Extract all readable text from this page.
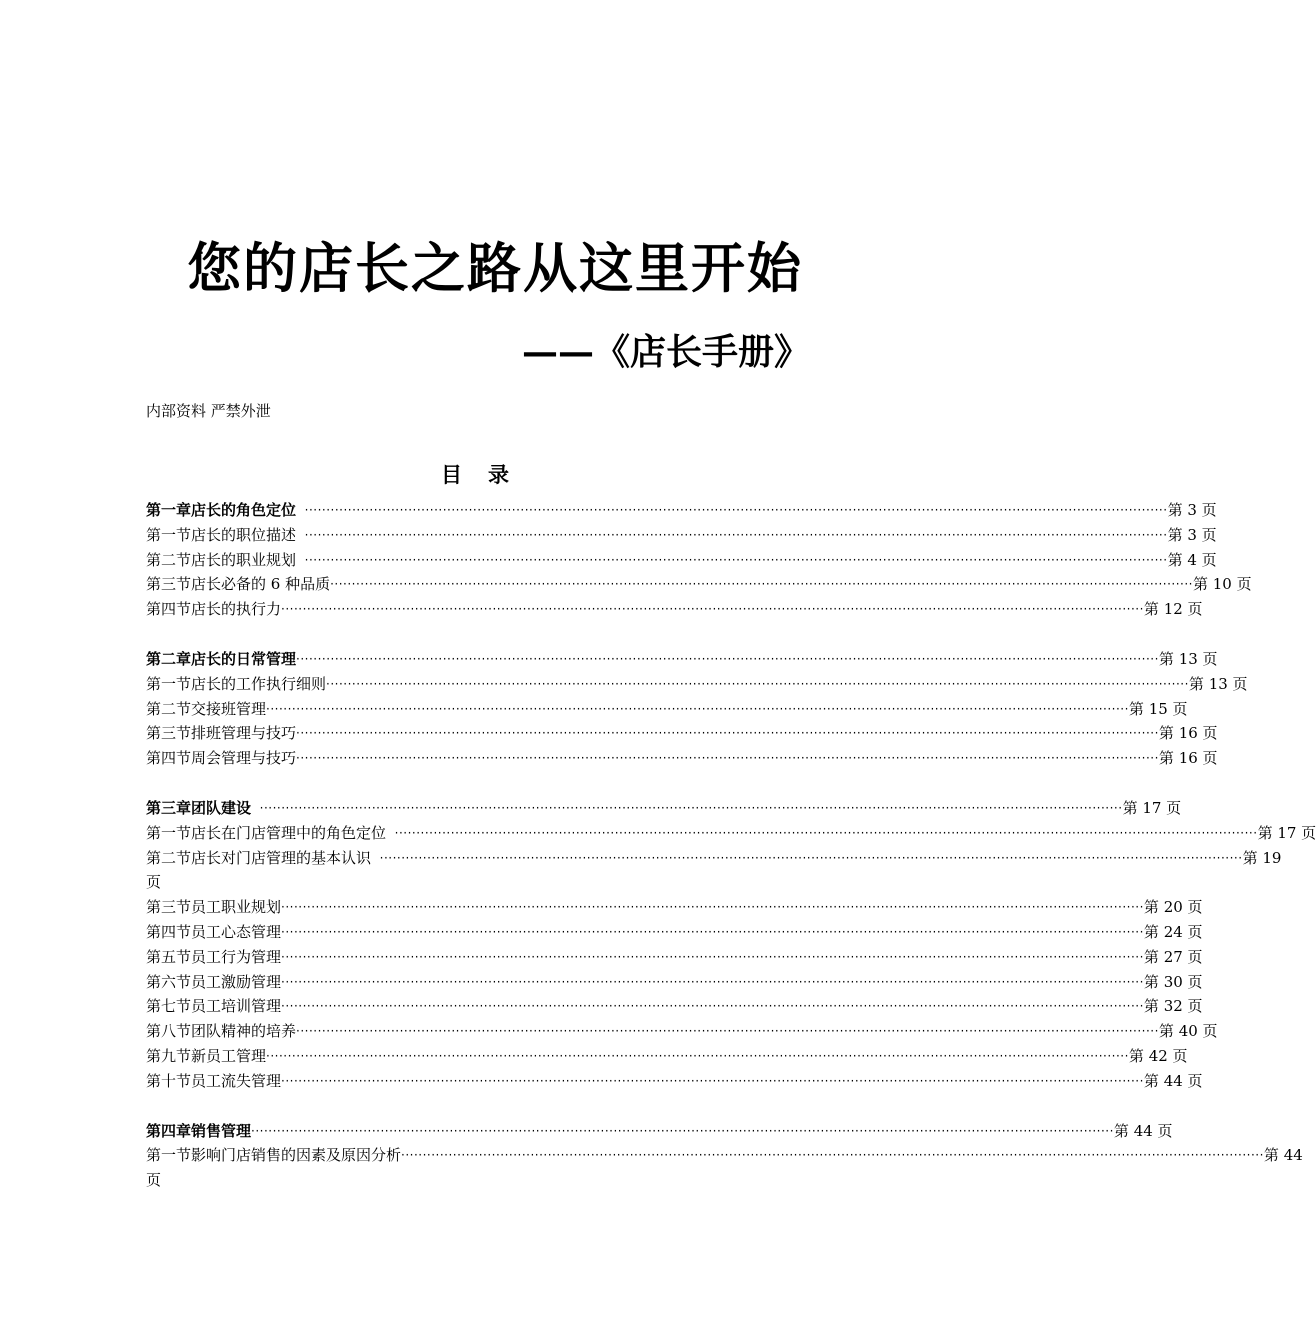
您的店长之路从这里开始
——《店长手册》
内部资料 严禁外泄
目 录
第一章 店长的角色定位 ········································································································································································································ 第 3 页
第一节 店长的职位描述 ········································································································································································································ 第 3 页
第二节 店长的职业规划 ········································································································································································································ 第 4 页
第三节 店长必备的 6 种品质 ········································································································································································································ 第 10 页
第四节 店长的执行力 ········································································································································································································ 第 12 页
第二章 店长的日常管理 ········································································································································································································ 第 13 页
第一节 店长的工作执行细则 ········································································································································································································ 第 13 页
第二节 交接班管理 ········································································································································································································ 第 15 页
第三节 排班管理与技巧 ········································································································································································································ 第 16 页
第四节 周会管理与技巧 ········································································································································································································ 第 16 页
第三章 团队建设 ········································································································································································································ 第 17 页
第一节 店长在门店管理中的角色定位 ········································································································································································································ 第 17 页
第二节 店长对门店管理的基本认识 ········································································································································································································ 第 19
页
第三节 员工职业规划 ········································································································································································································ 第 20 页
第四节 员工心态管理 ········································································································································································································ 第 24 页
第五节 员工行为管理 ········································································································································································································ 第 27 页
第六节 员工激励管理 ········································································································································································································ 第 30 页
第七节 员工培训管理 ········································································································································································································ 第 32 页
第八节 团队精神的培养 ········································································································································································································ 第 40 页
第九节 新员工管理 ········································································································································································································ 第 42 页
第十节 员工流失管理 ········································································································································································································ 第 44 页
第四章 销售管理 ········································································································································································································ 第 44 页
第一节 影响门店销售的因素及原因分析 ········································································································································································································ 第 44
页
